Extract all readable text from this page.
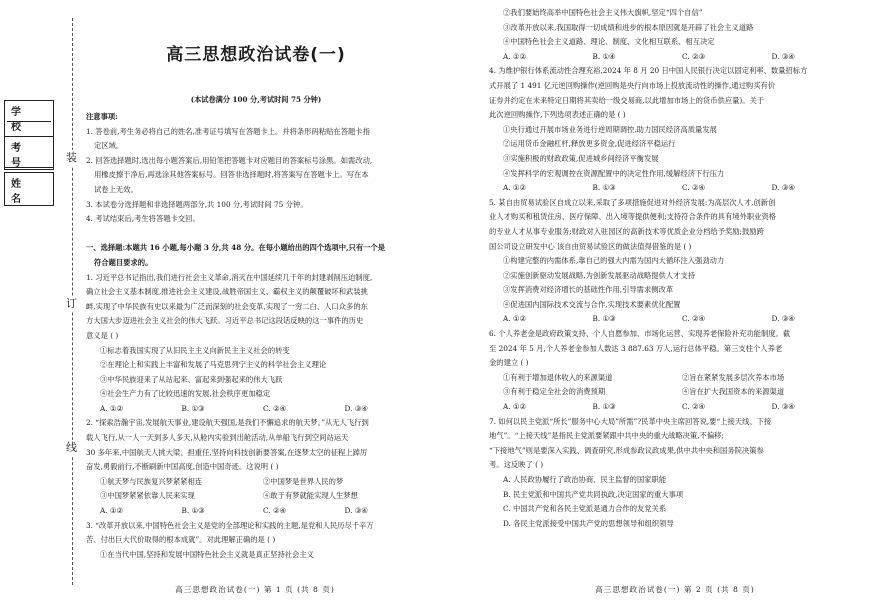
学 校
考 号
姓 名
装
订
线
高三思想政治试卷(一)
(本试卷满分 100 分,考试时间 75 分钟)
注意事项:
1. 答卷前,考生务必将自己的姓名,准考证号填写在答题卡上。并将条形码粘贴在答题卡指
定区域。
2. 回答选择题时,选出每小题答案后,用铅笔把答题卡对应题目的答案标号涂黑。如需改动,
用橡皮擦干净后,再选涂其他答案标号。回答非选择题时,将答案写在答题卡上。写在本
试卷上无效。
3. 本试卷分选择题和非选择题两部分,共 100 分,考试时间 75 分钟。
4. 考试结束后,考生将答题卡交回。
一、选择题:本题共 16 小题,每小题 3 分,共 48 分。在每小题给出的四个选项中,只有一个是
符合题目要求的。
1. 习近平总书记指出,我们进行社会主义革命,消灭在中国延续几千年的封建剥削压迫制度,
确立社会主义基本制度,推进社会主义建设,战胜帝国主义、霸权主义的颠覆破坏和武装挑
衅,实现了中华民族有史以来最为广泛而深刻的社会变革,实现了一穷二白、人口众多的东
方大国大步迈进社会主义社会的伟大飞跃。习近平总书记这段话反映的这一事件的历史
意义是 ( )
①标志着我国实现了从旧民主主义向新民主主义社会的转变
②在理论上和实践上丰富和发展了马克思列宁主义的科学社会主义理论
③中华民族迎来了从站起来、富起来到强起来的伟大飞跃
④社会生产力有了比较迅速的发展,社会秩序更加稳定
A. ①②	B. ①③	C. ②④	D. ③④
2. “探索浩瀚宇宙,发展航天事业,建设航天强国,是我们不懈追求的航天梦。”从无人飞行到
载人飞行,从一人一天到多人多天,从舱内实验到出舱活动,从单船飞行到空间站运天
30 多年来,中国航天人挑大梁、担重任,坚持向科技创新要答案,在逐梦太空的征程上踔厉
奋发,勇毅前行,不断刷新中国高度,创造中国奇迹。这说明 ( )
①航天梦与民族复兴梦紧紧相连	②中国梦是世界人民的梦
③中国梦紧紧依靠人民来实现	④敢于有梦就能实现人生梦想
A. ①②	B. ①③	C. ②④	D. ③④
3. “改革开放以来,中国特色社会主义是党的全部理论和实践的主题,是党和人民历尽千辛万
苦、付出巨大代价取得的根本成就”。对此理解正确的是 ( )
①在当代中国,坚持和发展中国特色社会主义就是真正坚持社会主义
高三思想政治试卷(一) 第 1 页 (共 8 页)
②我们要始终高举中国特色社会主义伟大旗帜,坚定“四个自信”
③改革开放以来,我国取得一切成绩和进步的根本原因就是开辟了社会主义道路
④中国特色社会主义道路、理论、制度、文化相互联系、相互决定
A. ①②	B. ①④	C. ②③	D. ③④
4. 为维护银行体系流动性合理充裕,2024 年 8 月 20 日中国人民银行决定以固定利率、数量招标方
式开展了 1 491 亿元逆回购操作(逆回购是央行向市场上投放流动性的操作,通过购买有价
证券并约定在未来特定日期将其卖给一级交易商,以此增加市场上的货币供应量)。关于
此次逆回购操作,下列选项表述正确的是 ( )
①央行通过开展市场业务进行逆周期调控,助力国民经济高质量发展
②运用货币金融杠杆,释放更多资金,促进经济平稳运行
③实施积极的财政政策,促进城乡间经济平衡发展
④发挥科学的宏观调控在资源配置中的决定性作用,缓解经济下行压力
A. ①②	B. ①③	C. ②④	D. ③④
5. 某自由贸易试验区自成立以来,采取了多项措施促进对外经济发展:为高层次人才,创新创
业人才购买和租赁住房、医疗保障、出入境等提供便利;支持符合条件的具有境外职业资格
的专业人才从事专业服务;财政对入驻园区的高新技术等优质企业分档给予奖励;鼓励跨
国公司设立研发中心 该自由贸易试验区的做法值得借鉴的是 ( )
①构建完整的内需体系,靠自己的强大内需为国内大循环注入强劲动力
②实施创新驱动发展战略,为创新发展驱动战略提供人才支持
③发挥消费对经济增长的基础性作用,引导需求侧改革
④促进国内国际技术交流与合作,实现技术要素优化配置
A. ①②	B. ①③	C. ②④	D. ③④
6. 个人养老金是政府政策支持、个人自愿参加、市场化运营、实现养老保险补充功能制度。截
至 2024 年 5 月,个人养老金参加人数达 3 887.63 万人,运行总体平稳。第三支柱个人养老
金的建立 ( )
①有利于增加退休收入的来源渠道	②旨在紧紧发展多层次养本市场
③有利于稳定全社会的消费预期	④旨在扩大我国资本的来源渠道
A. ①②	B. ①③	C. ②④	D. ③④
7. 如何以民主党派“所长”服务中心大局”所需”?民革中央主席回答说,要“上接天线、下接
地气”。“上接天线”是指民主党派要紧跟中共中央的重大战略决策,不偏移;
“下接地气”则是要深入实践、调查研究,形成参政议政成果,供中共中央和国务院决策参
考。这反映了 ( )
A. 人民政协履行了政治协商、民主监督的国家职能
B. 民主党派和中国共产党共同执政,决定国家的重大事项
C. 中国共产党和各民主党派是通力合作的友党关系
D. 各民主党派接受中国共产党的思想领导和组织领导
高三思想政治试卷(一) 第 2 页 (共 8 页)
